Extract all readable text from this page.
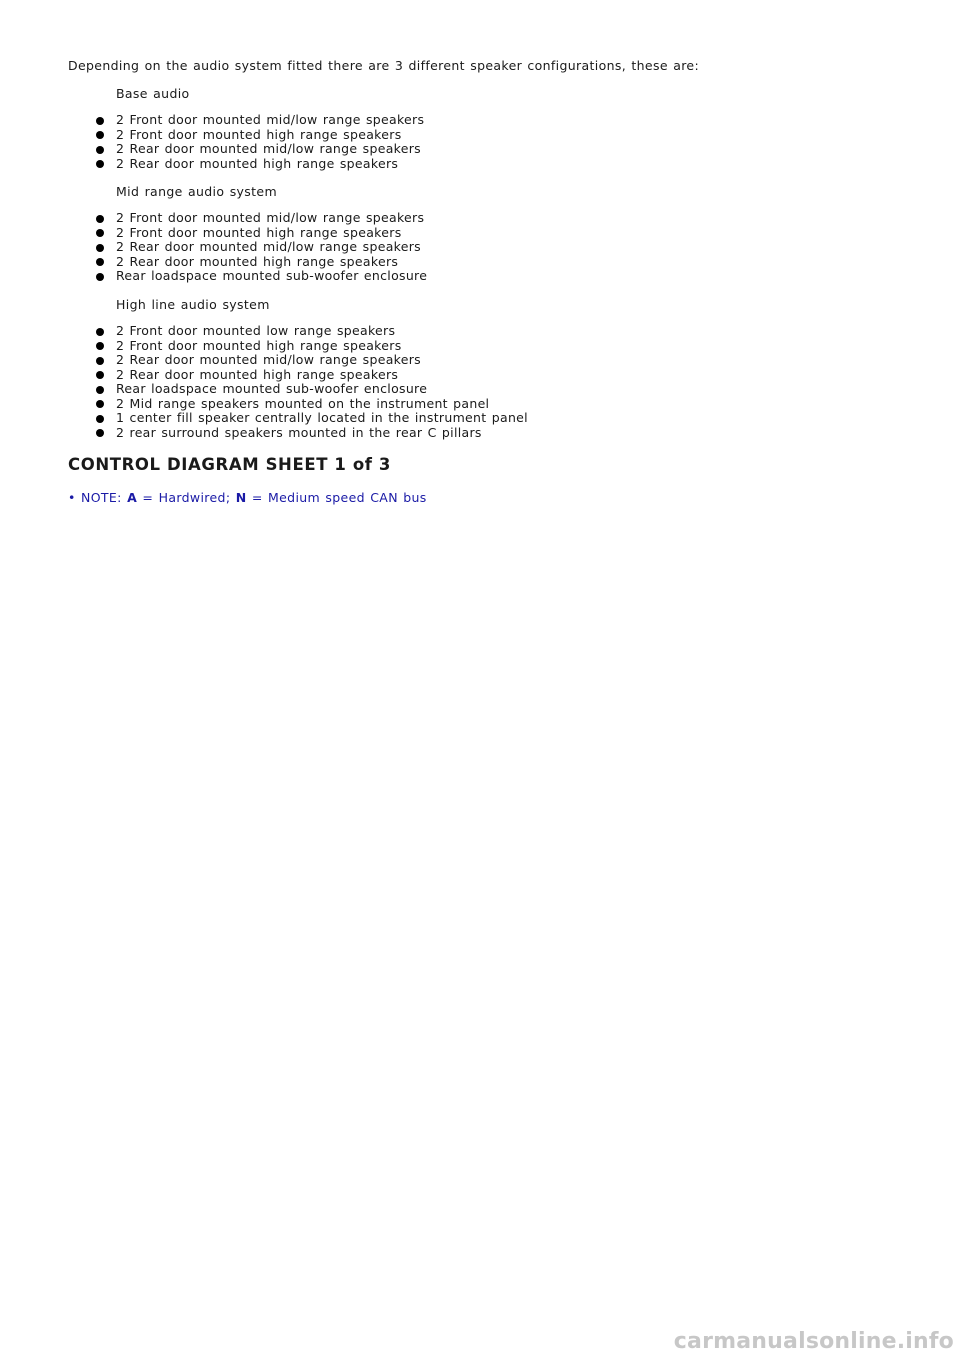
Depending on the audio system fitted there are 3 different speaker configurations, these are:
Base audio
2 Front door mounted mid/low range speakers
2 Front door mounted high range speakers
2 Rear door mounted mid/low range speakers
2 Rear door mounted high range speakers
Mid range audio system
2 Front door mounted mid/low range speakers
2 Front door mounted high range speakers
2 Rear door mounted mid/low range speakers
2 Rear door mounted high range speakers
Rear loadspace mounted sub-woofer enclosure
High line audio system
2 Front door mounted low range speakers
2 Front door mounted high range speakers
2 Rear door mounted mid/low range speakers
2 Rear door mounted high range speakers
Rear loadspace mounted sub-woofer enclosure
2 Mid range speakers mounted on the instrument panel
1 center fill speaker centrally located in the instrument panel
2 rear surround speakers mounted in the rear C pillars
CONTROL DIAGRAM SHEET 1 of 3
• NOTE: A = Hardwired; N = Medium speed CAN bus
carmanualsonline.info
